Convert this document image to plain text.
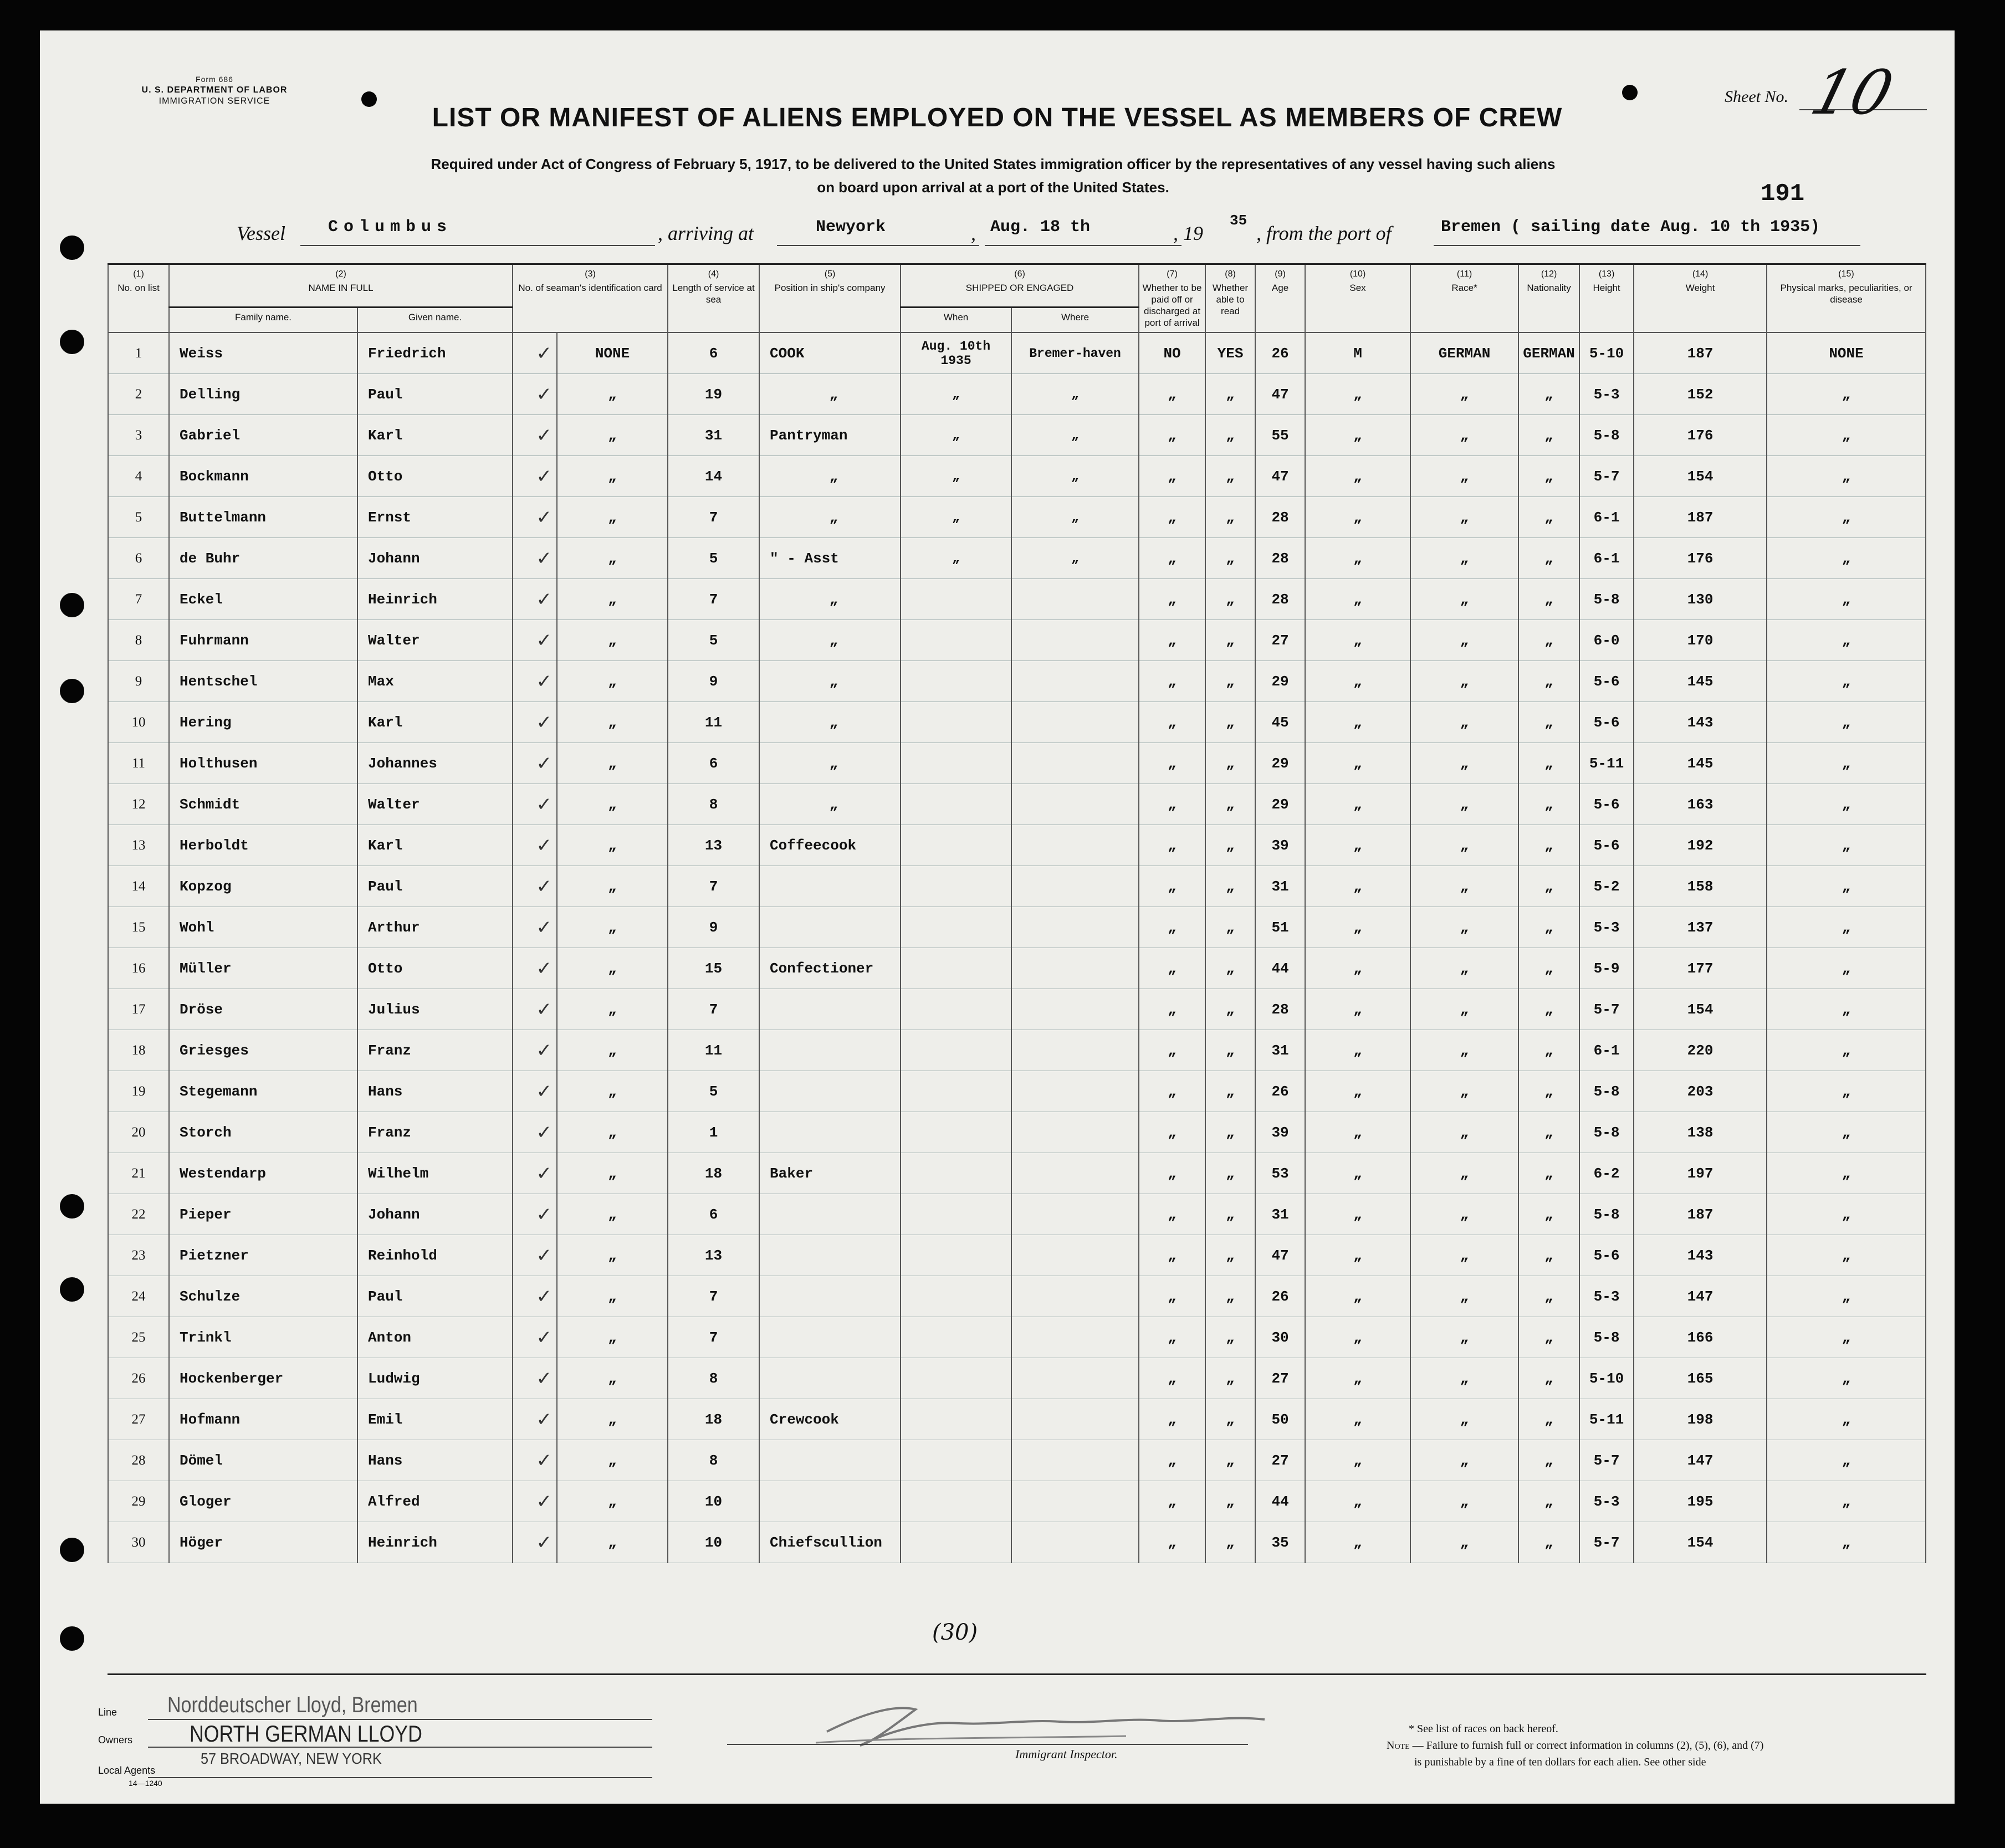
Form 686
U. S. DEPARTMENT OF LABOR
IMMIGRATION SERVICE
LIST OR MANIFEST OF ALIENS EMPLOYED ON THE VESSEL AS MEMBERS OF CREW
Required under Act of Congress of February 5, 1917, to be delivered to the United States immigration officer by the representatives of any vessel having such aliens
on board upon arrival at a port of the United States.
Sheet No. 10
191
Vessel	Columbus	, arriving at	Newyork	, Aug. 18 th	, 19
35
, from the port of	Bremen ( sailing date Aug. 10 th 1935)
(1)
No. on list	(2)
NAME IN FULL		(3)
No. of seaman's identification card		(4)
Length of service at sea	(5)
Position in ship's company	(6)
SHIPPED OR ENGAGED		(7)
Whether to be paid off or discharged at port of arrival	(8)
Whether able to read	(9)
Age	(10)
Sex	(11)
Race*	(12)
Nationality	(13)
Height	(14)
Weight	(15)
Physical marks, peculiarities, or disease
	Family name.	Given name.					When	Where									
1	Weiss	Friedrich	✓	NONE	6	COOK	Aug. 10th 1935	Bremer-haven	NO	YES	26	M	GERMAN	GERMAN	5-10	187	NONE
2	Delling	Paul	✓	„	19	„	„	„	„	„	47	„	„	„	5-3	152	„
3	Gabriel	Karl	✓	„	31	Pantryman	„	„	„	„	55	„	„	„	5-8	176	„
4	Bockmann	Otto	✓	„	14	„	„	„	„	„	47	„	„	„	5-7	154	„
5	Buttelmann	Ernst	✓	„	7	„	„	„	„	„	28	„	„	„	6-1	187	„
6	de Buhr	Johann	✓	„	5	" - Asst	„	„	„	„	28	„	„	„	6-1	176	„
7	Eckel	Heinrich	✓	„	7	„			„	„	28	„	„	„	5-8	130	„
8	Fuhrmann	Walter	✓	„	5	„			„	„	27	„	„	„	6-0	170	„
9	Hentschel	Max	✓	„	9	„			„	„	29	„	„	„	5-6	145	„
10	Hering	Karl	✓	„	11	„			„	„	45	„	„	„	5-6	143	„
11	Holthusen	Johannes	✓	„	6	„			„	„	29	„	„	„	5-11	145	„
12	Schmidt	Walter	✓	„	8	„			„	„	29	„	„	„	5-6	163	„
13	Herboldt	Karl	✓	„	13	Coffeecook			„	„	39	„	„	„	5-6	192	„
14	Kopzog	Paul	✓	„	7				„	„	31	„	„	„	5-2	158	„
15	Wohl	Arthur	✓	„	9				„	„	51	„	„	„	5-3	137	„
16	Müller	Otto	✓	„	15	Confectioner			„	„	44	„	„	„	5-9	177	„
17	Dröse	Julius	✓	„	7				„	„	28	„	„	„	5-7	154	„
18	Griesges	Franz	✓	„	11				„	„	31	„	„	„	6-1	220	„
19	Stegemann	Hans	✓	„	5				„	„	26	„	„	„	5-8	203	„
20	Storch	Franz	✓	„	1				„	„	39	„	„	„	5-8	138	„
21	Westendarp	Wilhelm	✓	„	18	Baker			„	„	53	„	„	„	6-2	197	„
22	Pieper	Johann	✓	„	6				„	„	31	„	„	„	5-8	187	„
23	Pietzner	Reinhold	✓	„	13				„	„	47	„	„	„	5-6	143	„
24	Schulze	Paul	✓	„	7				„	„	26	„	„	„	5-3	147	„
25	Trinkl	Anton	✓	„	7				„	„	30	„	„	„	5-8	166	„
26	Hockenberger	Ludwig	✓	„	8				„	„	27	„	„	„	5-10	165	„
27	Hofmann	Emil	✓	„	18	Crewcook			„	„	50	„	„	„	5-11	198	„
28	Dömel	Hans	✓	„	8				„	„	27	„	„	„	5-7	147	„
29	Gloger	Alfred	✓	„	10				„	„	44	„	„	„	5-3	195	„
30	Höger	Heinrich	✓	„	10	Chiefscullion			„	„	35	„	„	„	5-7	154	„
(30)
Line
Owners
Local Agents
14—1240
Norddeutscher Lloyd, Bremen
NORTH GERMAN LLOYD
57 BROADWAY, NEW YORK	Immigrant Inspector.
* See list of races on back hereof.
Note — Failure to furnish full or correct information in columns (2), (5), (6), and (7)
is punishable by a fine of ten dollars for each alien. See other side
